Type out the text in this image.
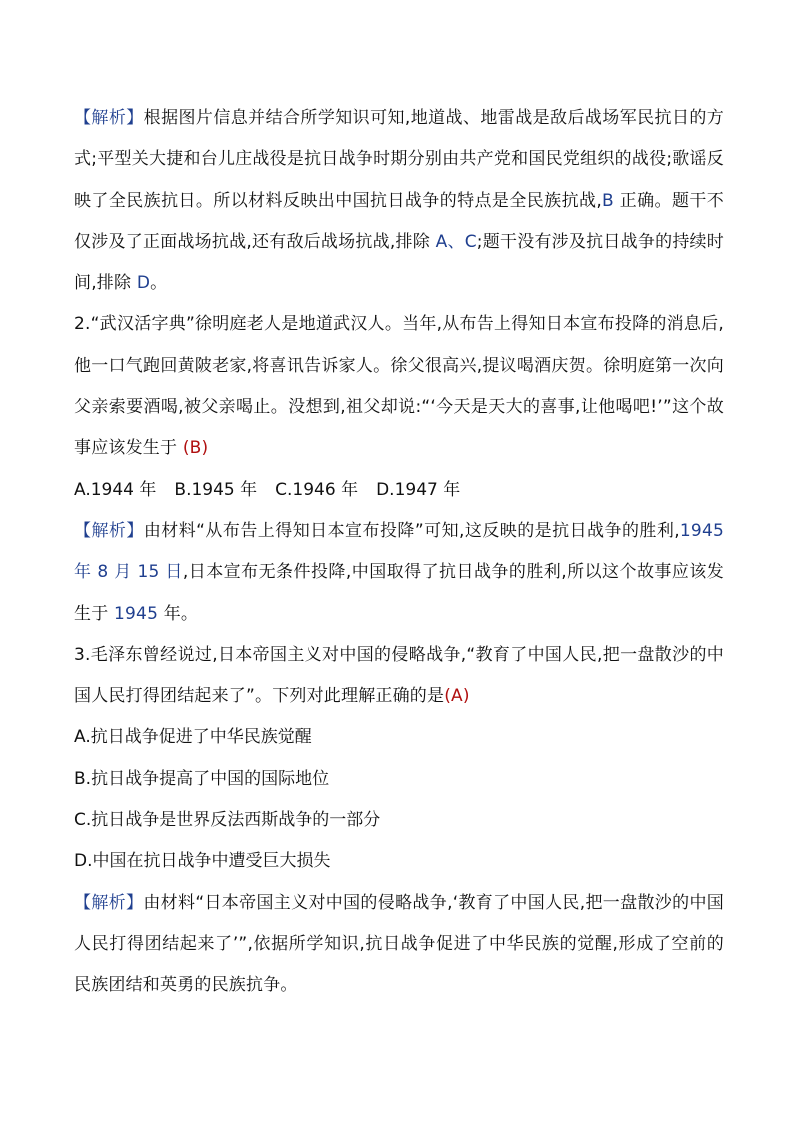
【解析】根据图片信息并结合所学知识可知,地道战、地雷战是敌后战场军民抗日的方式;平型关大捷和台儿庄战役是抗日战争时期分别由共产党和国民党组织的战役;歌谣反映了全民族抗日。所以材料反映出中国抗日战争的特点是全民族抗战,B 正确。题干不仅涉及了正面战场抗战,还有敌后战场抗战,排除 A、C;题干没有涉及抗日战争的持续时间,排除 D。

2.“武汉活字典”徐明庭老人是地道武汉人。当年,从布告上得知日本宣布投降的消息后,他一口气跑回黄陂老家,将喜讯告诉家人。徐父很高兴,提议喝酒庆贺。徐明庭第一次向父亲索要酒喝,被父亲喝止。没想到,祖父却说:“‘今天是天大的喜事,让他喝吧!’”这个故事应该发生于 (B)

A.1944 年 B.1945 年 C.1946 年 D.1947 年

【解析】由材料“从布告上得知日本宣布投降”可知,这反映的是抗日战争的胜利,1945 年 8 月 15 日,日本宣布无条件投降,中国取得了抗日战争的胜利,所以这个故事应该发生于 1945 年。

3.毛泽东曾经说过,日本帝国主义对中国的侵略战争,“教育了中国人民,把一盘散沙的中国人民打得团结起来了”。下列对此理解正确的是(A)

A.抗日战争促进了中华民族觉醒

B.抗日战争提高了中国的国际地位

C.抗日战争是世界反法西斯战争的一部分

D.中国在抗日战争中遭受巨大损失

【解析】由材料“日本帝国主义对中国的侵略战争,‘教育了中国人民,把一盘散沙的中国人民打得团结起来了’”,依据所学知识,抗日战争促进了中华民族的觉醒,形成了空前的民族团结和英勇的民族抗争。
